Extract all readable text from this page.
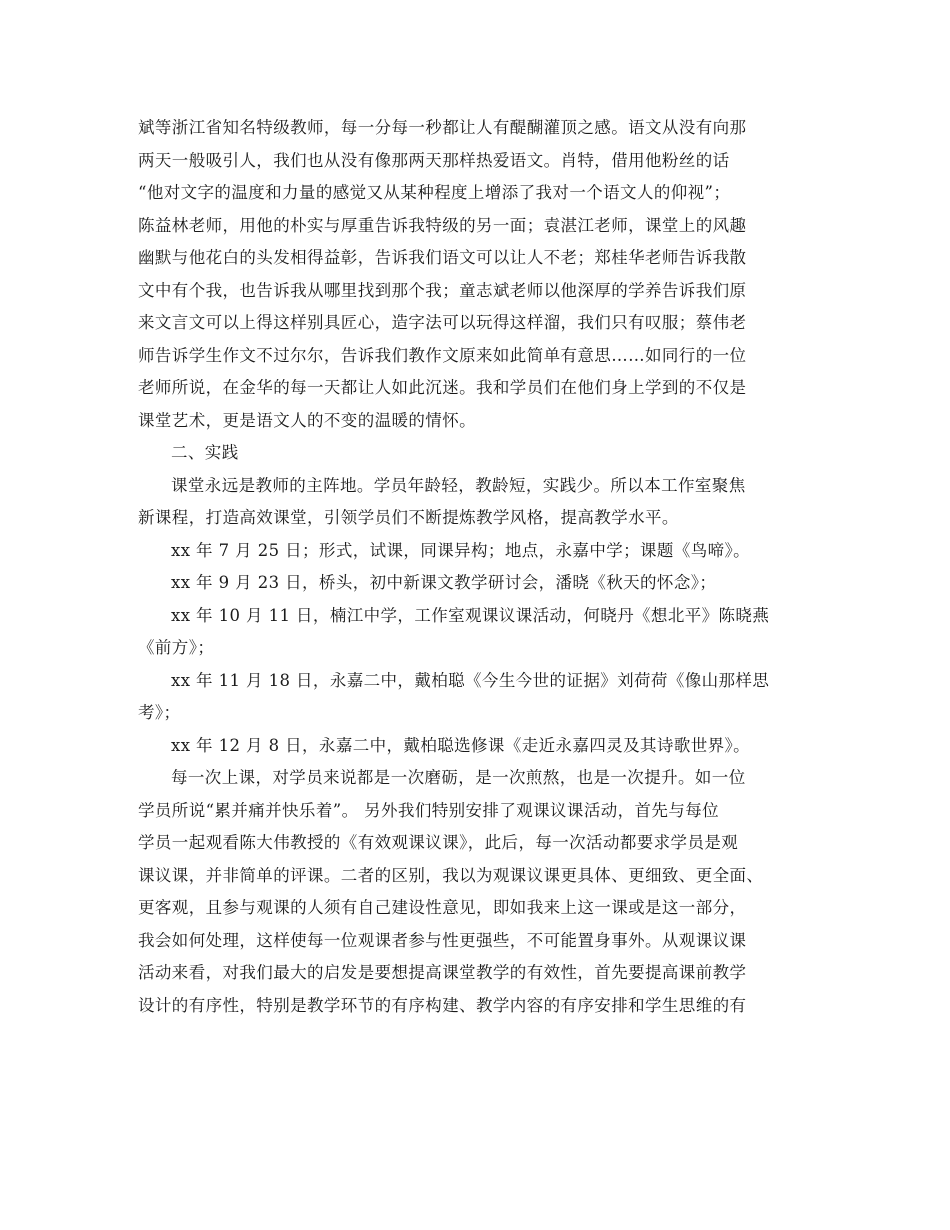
斌等浙江省知名特级教师，每一分每一秒都让人有醍醐灌顶之感。语文从没有向那
两天一般吸引人，我们也从没有像那两天那样热爱语文。肖特，借用他粉丝的话
“他对文字的温度和力量的感觉又从某种程度上增添了我对一个语文人的仰视”；
陈益林老师，用他的朴实与厚重告诉我特级的另一面；袁湛江老师，课堂上的风趣
幽默与他花白的头发相得益彰，告诉我们语文可以让人不老；郑桂华老师告诉我散
文中有个我，也告诉我从哪里找到那个我；童志斌老师以他深厚的学养告诉我们原
来文言文可以上得这样别具匠心，造字法可以玩得这样溜，我们只有叹服；蔡伟老
师告诉学生作文不过尔尔，告诉我们教作文原来如此简单有意思……如同行的一位
老师所说，在金华的每一天都让人如此沉迷。我和学员们在他们身上学到的不仅是
课堂艺术，更是语文人的不变的温暖的情怀。

二、实践

课堂永远是教师的主阵地。学员年龄轻，教龄短，实践少。所以本工作室聚焦
新课程，打造高效课堂，引领学员们不断提炼教学风格，提高教学水平。

xx 年 7 月 25 日；形式，试课，同课异构；地点，永嘉中学；课题《鸟啼》。

xx 年 9 月 23 日，桥头，初中新课文教学研讨会，潘晓《秋天的怀念》；

xx 年 10 月 11 日，楠江中学，工作室观课议课活动，何晓丹《想北平》陈晓燕
《前方》；

xx 年 11 月 18 日，永嘉二中，戴柏聪《今生今世的证据》刘荷荷《像山那样思
考》；

xx 年 12 月 8 日，永嘉二中，戴柏聪选修课《走近永嘉四灵及其诗歌世界》。

每一次上课，对学员来说都是一次磨砺，是一次煎熬，也是一次提升。如一位
学员所说“累并痛并快乐着”。 另外我们特别安排了观课议课活动，首先与每位
学员一起观看陈大伟教授的《有效观课议课》，此后，每一次活动都要求学员是观
课议课，并非简单的评课。二者的区别，我以为观课议课更具体、更细致、更全面、
更客观，且参与观课的人须有自己建设性意见，即如我来上这一课或是这一部分，
我会如何处理，这样使每一位观课者参与性更强些，不可能置身事外。从观课议课
活动来看，对我们最大的启发是要想提高课堂教学的有效性，首先要提高课前教学
设计的有序性，特别是教学环节的有序构建、教学内容的有序安排和学生思维的有
